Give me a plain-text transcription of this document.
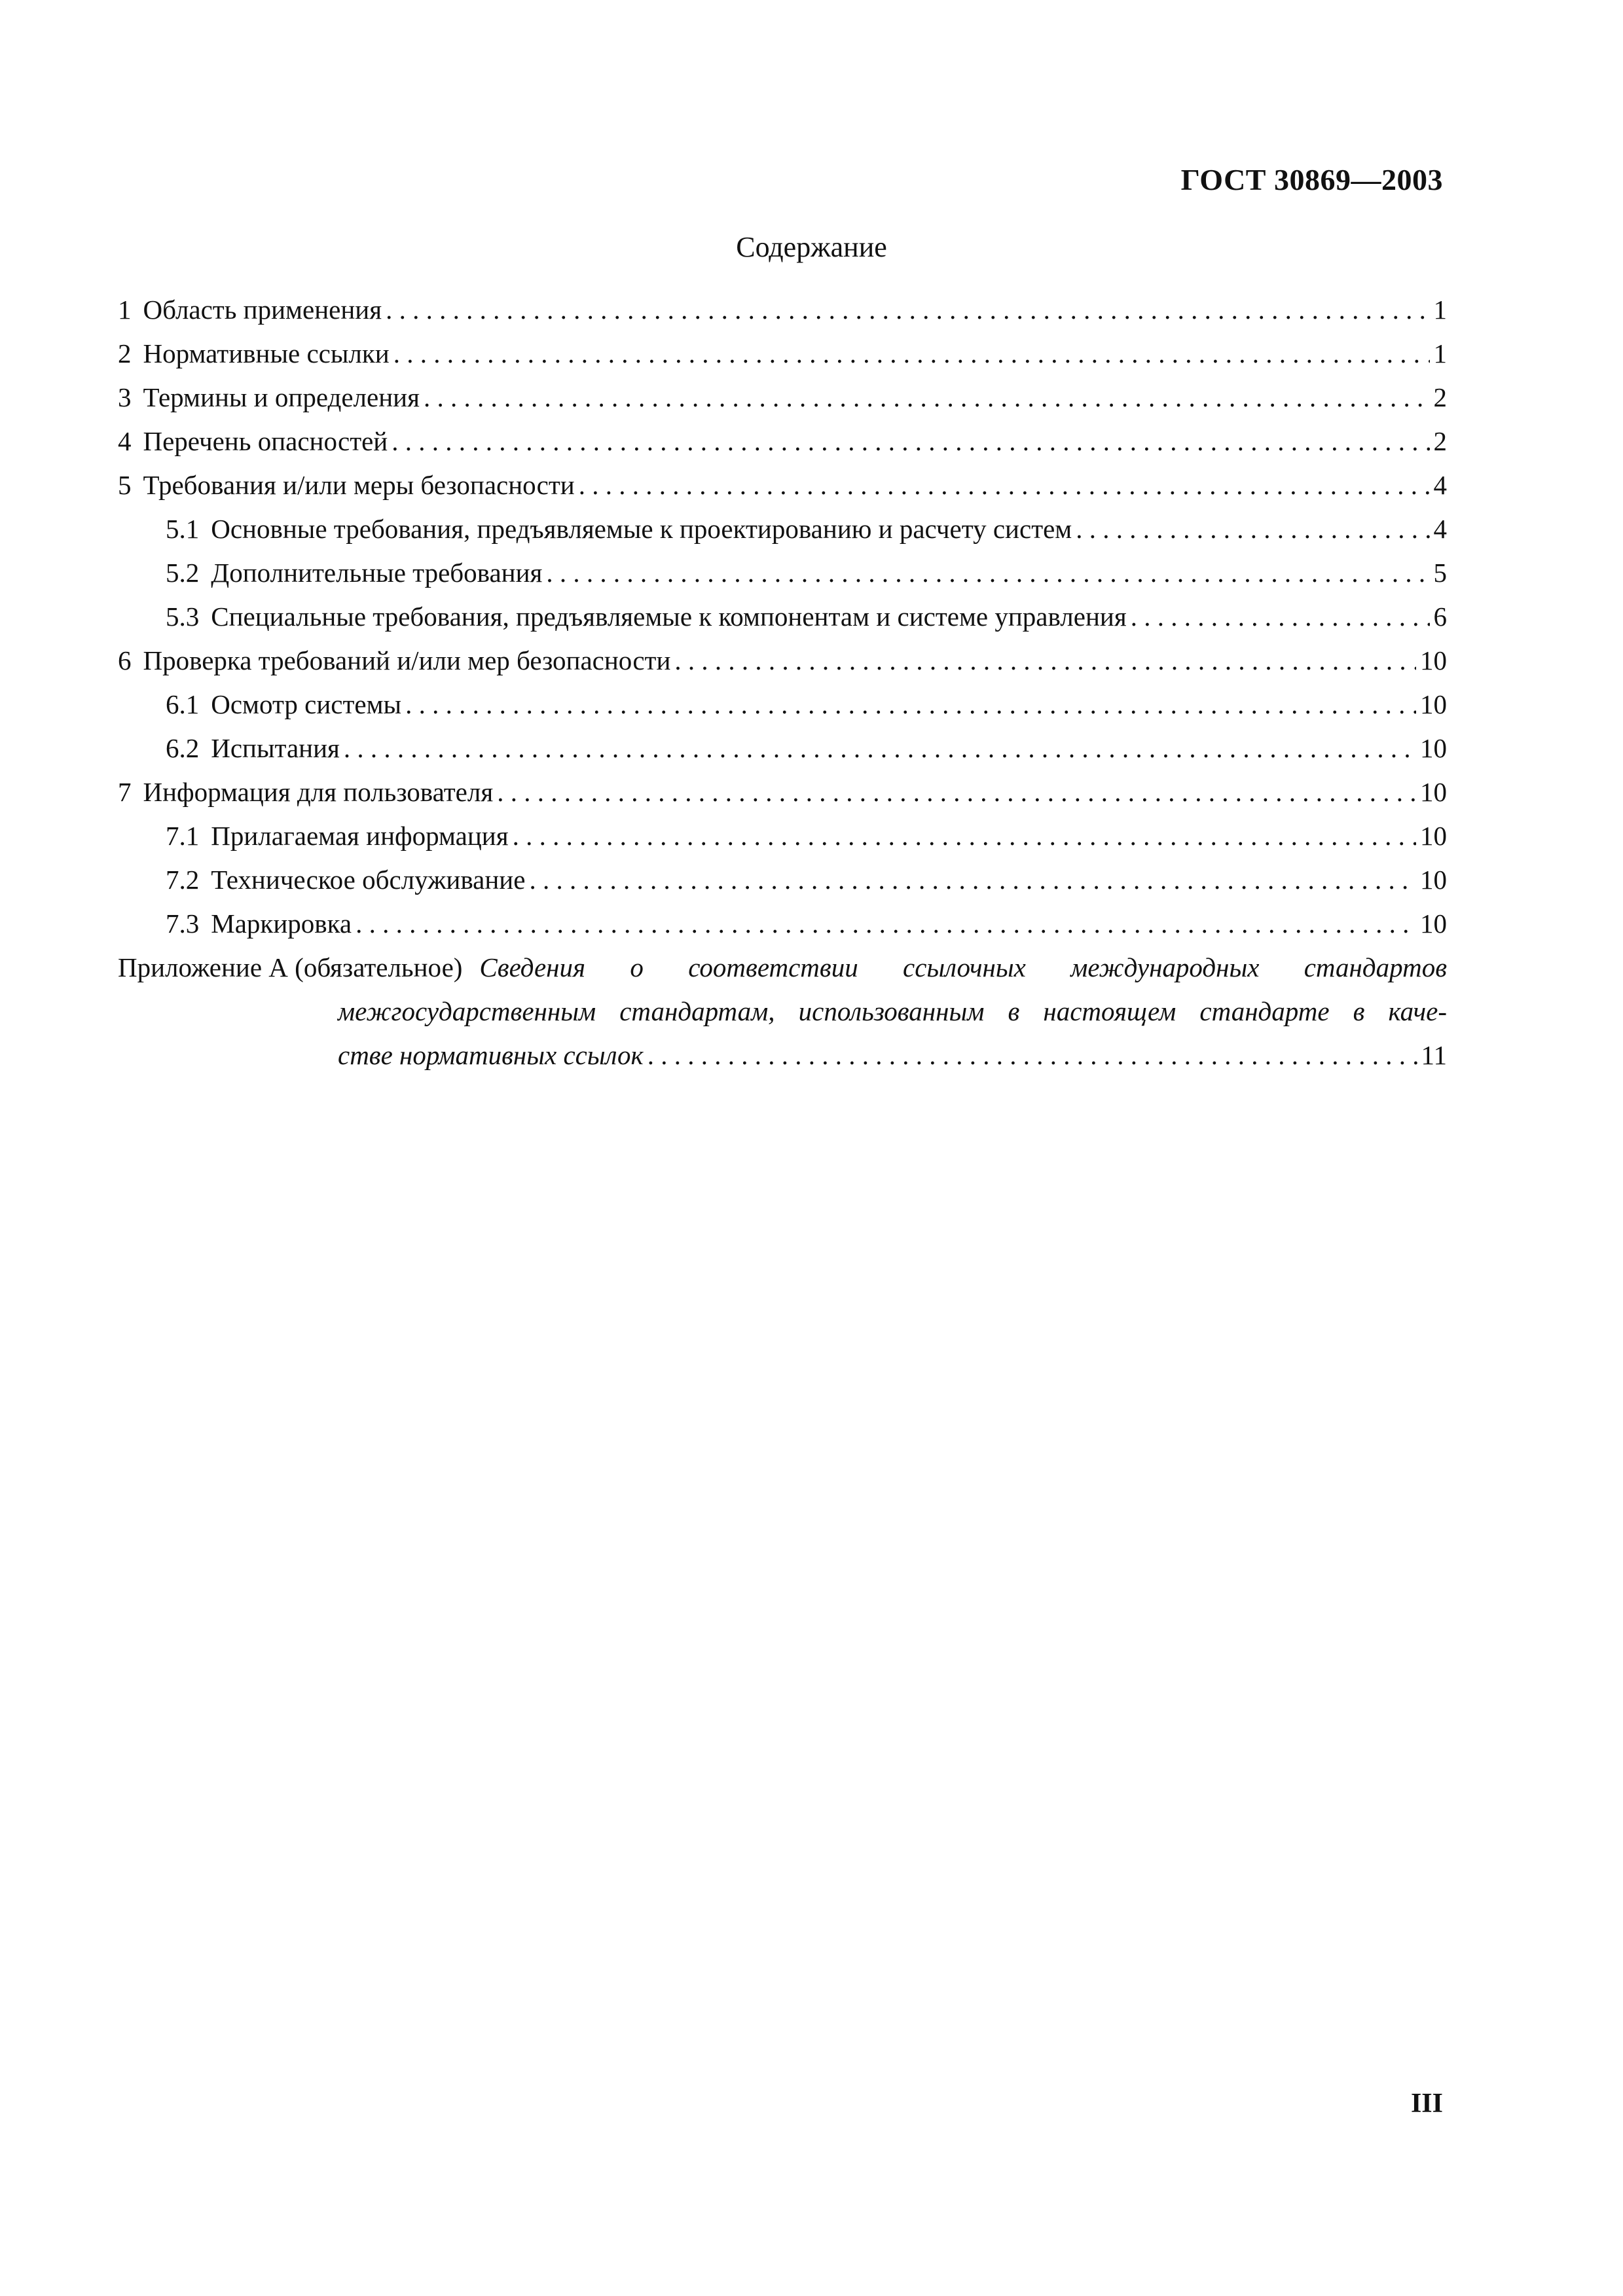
ГОСТ 30869—2003
Содержание
1 Область применения . . .	1
2 Нормативные ссылки . . .	1
3 Термины и определения . . .	2
4 Перечень опасностей . . .	2
5 Требования и/или меры безопасности . . .	4
5.1 Основные требования, предъявляемые к проектированию и расчету систем . . .	4
5.2 Дополнительные требования . . .	5
5.3 Специальные требования, предъявляемые к компонентам и системе управления . . .	6
6 Проверка требований и/или мер безопасности . . .	10
6.1 Осмотр системы . . .	10
6.2 Испытания . . .	10
7 Информация для пользователя . . .	10
7.1 Прилагаемая информация . . .	10
7.2 Техническое обслуживание . . .	10
7.3 Маркировка . . .	10
Приложение А (обязательное) Сведения о соответствии ссылочных международных стандартов
межгосударственным стандартам, использованным в настоящем стандарте в каче-
стве нормативных ссылок . . .	11
III
